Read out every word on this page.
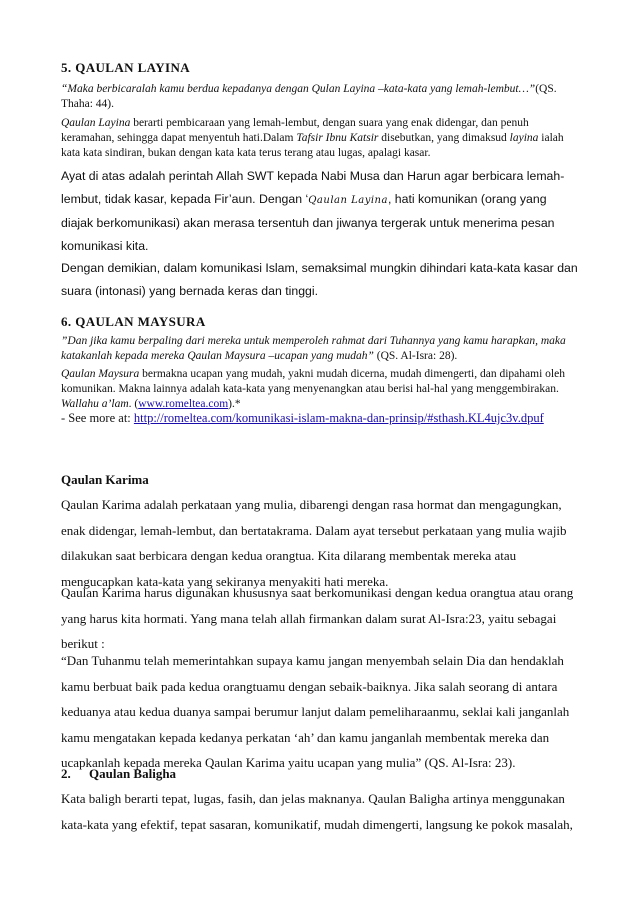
5. QAULAN LAYINA
“Maka berbicaralah kamu berdua kepadanya dengan Qulan Layina –kata-kata yang lemah-lembut…”(QS. Thaha: 44).
Qaulan Layina berarti pembicaraan yang lemah-lembut, dengan suara yang enak didengar, dan penuh keramahan, sehingga dapat menyentuh hati.Dalam Tafsir Ibnu Katsir disebutkan, yang dimaksud layina ialah kata kata sindiran, bukan dengan kata kata terus terang atau lugas, apalagi kasar.
Ayat di atas adalah perintah Allah SWT kepada Nabi Musa dan Harun agar berbicara lemah-lembut, tidak kasar, kepada Fir’aun. Dengan ‘Qaulan Layina, hati komunikan (orang yang diajak berkomunikasi) akan merasa tersentuh dan jiwanya tergerak untuk menerima pesan komunikasi kita.
Dengan demikian, dalam komunikasi Islam, semaksimal mungkin dihindari kata-kata kasar dan suara (intonasi) yang bernada keras dan tinggi.
6. QAULAN MAYSURA
”Dan jika kamu berpaling dari mereka untuk memperoleh rahmat dari Tuhannya yang kamu harapkan, maka katakanlah kepada mereka Qaulan Maysura –ucapan yang mudah” (QS. Al-Isra: 28).
Qaulan Maysura bermakna ucapan yang mudah, yakni mudah dicerna, mudah dimengerti, dan dipahami oleh komunikan. Makna lainnya adalah kata-kata yang menyenangkan atau berisi hal-hal yang menggembirakan. Wallahu a’lam. (www.romeltea.com).*
- See more at: http://romeltea.com/komunikasi-islam-makna-dan-prinsip/#sthash.KL4ujc3v.dpuf
Qaulan Karima
Qaulan Karima adalah perkataan yang mulia, dibarengi dengan rasa hormat dan mengagungkan, enak didengar, lemah-lembut, dan bertatakrama. Dalam ayat tersebut perkataan yang mulia wajib dilakukan saat berbicara dengan kedua orangtua. Kita dilarang membentak mereka atau mengucapkan kata-kata yang sekiranya menyakiti hati mereka.
Qaulan Karima harus digunakan khususnya saat berkomunikasi dengan kedua orangtua atau orang yang harus kita hormati. Yang mana telah allah firmankan dalam surat Al-Isra:23, yaitu sebagai berikut :
“Dan Tuhanmu telah memerintahkan supaya kamu jangan menyembah selain Dia dan hendaklah kamu berbuat baik pada kedua orangtuamu dengan sebaik-baiknya. Jika salah seorang di antara keduanya atau kedua duanya sampai berumur lanjut dalam pemeliharaanmu, seklai kali janganlah kamu mengatakan kepada kedanya perkatan ‘ah’ dan kamu janganlah membentak mereka dan ucapkanlah kepada mereka Qaulan Karima yaitu ucapan yang mulia” (QS. Al-Isra: 23).
2. Qaulan Baligha
Kata baligh berarti tepat, lugas, fasih, dan jelas maknanya. Qaulan Baligha artinya menggunakan kata-kata yang efektif, tepat sasaran, komunikatif, mudah dimengerti, langsung ke pokok masalah,
